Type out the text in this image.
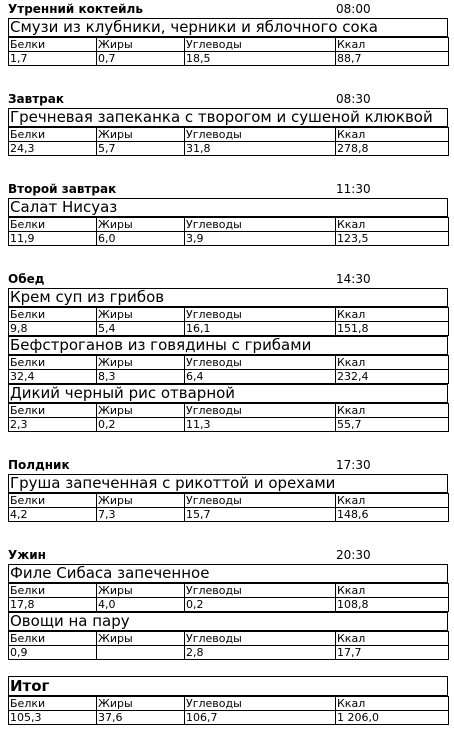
Утренний коктейль	08:00
Смузи из клубники, черники и яблочного сока
Белки	Жиры	Углеводы	Ккал
1,7	0,7	18,5	88,7
Завтрак	08:30
Гречневая запеканка с творогом и сушеной клюквой
Белки	Жиры	Углеводы	Ккал
24,3	5,7	31,8	278,8
Второй завтрак	11:30
Салат Нисуаз
Белки	Жиры	Углеводы	Ккал
11,9	6,0	3,9	123,5
Обед	14:30
Крем суп из грибов
Белки	Жиры	Углеводы	Ккал
9,8	5,4	16,1	151,8
Бефстроганов из говядины с грибами
Белки	Жиры	Углеводы	Ккал
32,4	8,3	6,4	232,4
Дикий черный рис отварной
Белки	Жиры	Углеводы	Ккал
2,3	0,2	11,3	55,7
Полдник	17:30
Груша запеченная с рикоттой и орехами
Белки	Жиры	Углеводы	Ккал
4,2	7,3	15,7	148,6
Ужин	20:30
Филе Сибаса запеченное
Белки	Жиры	Углеводы	Ккал
17,8	4,0	0,2	108,8
Овощи на пару
Белки	Жиры	Углеводы	Ккал
0,9		2,8	17,7
Итог
Белки	Жиры	Углеводы	Ккал
105,3	37,6	106,7	1 206,0
